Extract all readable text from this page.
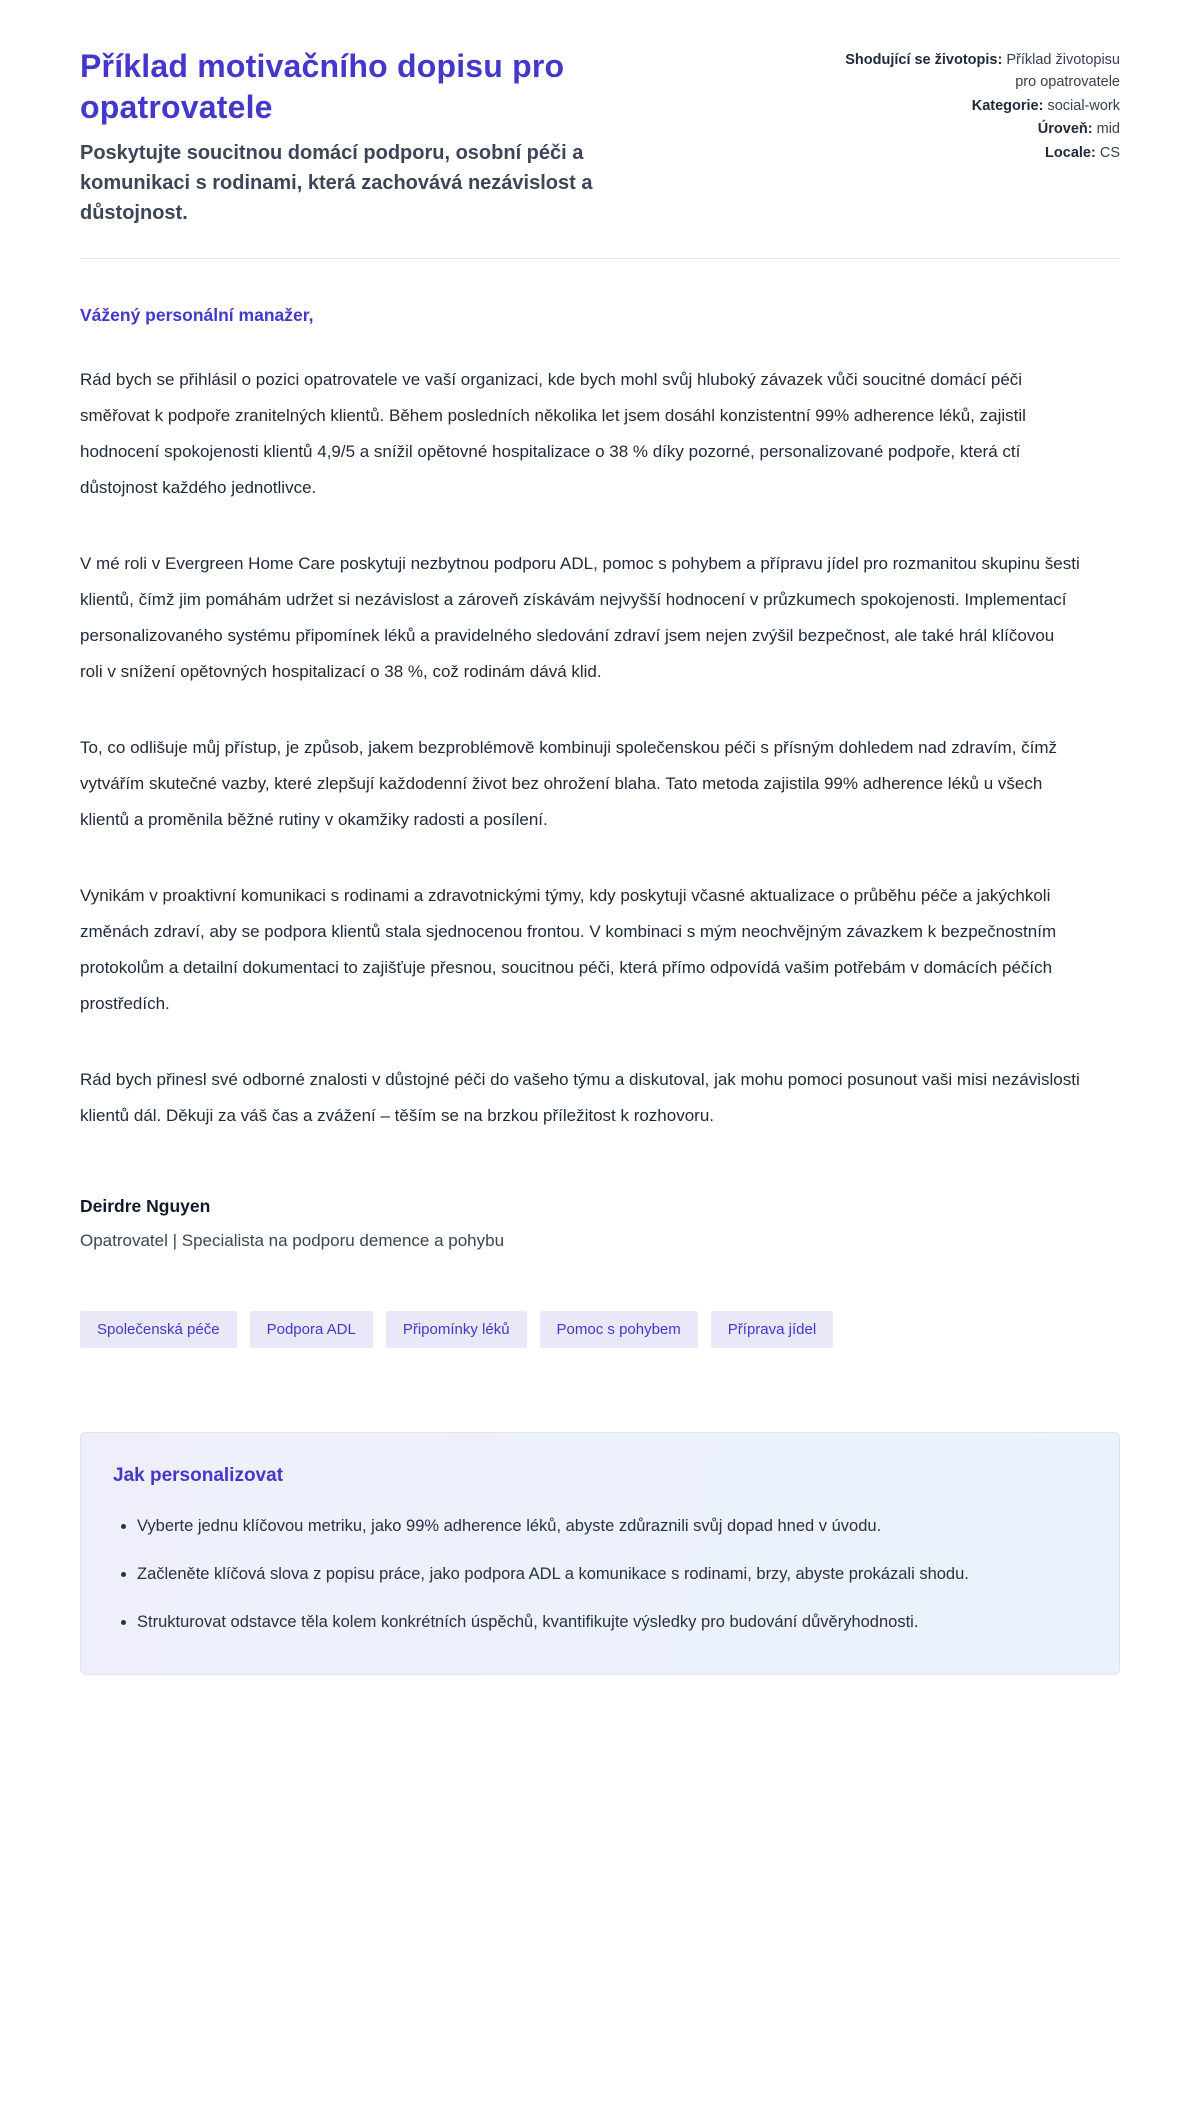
Příklad motivačního dopisu pro opatrovatele
Poskytujte soucitnou domácí podporu, osobní péči a komunikaci s rodinami, která zachovává nezávislost a důstojnost.
Shodující se životopis: Příklad životopisu pro opatrovatele
Kategorie: social-work
Úroveň: mid
Locale: CS
Vážený personální manažer,

Rád bych se přihlásil o pozici opatrovatele ve vaší organizaci, kde bych mohl svůj hluboký závazek vůči soucitné domácí péči směřovat k podpoře zranitelných klientů. Během posledních několika let jsem dosáhl konzistentní 99% adherence léků, zajistil hodnocení spokojenosti klientů 4,9/5 a snížil opětovné hospitalizace o 38 % díky pozorné, personalizované podpoře, která ctí důstojnost každého jednotlivce.

V mé roli v Evergreen Home Care poskytuji nezbytnou podporu ADL, pomoc s pohybem a přípravu jídel pro rozmanitou skupinu šesti klientů, čímž jim pomáhám udržet si nezávislost a zároveň získávám nejvyšší hodnocení v průzkumech spokojenosti. Implementací personalizovaného systému připomínek léků a pravidelného sledování zdraví jsem nejen zvýšil bezpečnost, ale také hrál klíčovou roli v snížení opětovných hospitalizací o 38 %, což rodinám dává klid.

To, co odlišuje můj přístup, je způsob, jakem bezproblémově kombinuji společenskou péči s přísným dohledem nad zdravím, čímž vytvářím skutečné vazby, které zlepšují každodenní život bez ohrožení blaha. Tato metoda zajistila 99% adherence léků u všech klientů a proměnila běžné rutiny v okamžiky radosti a posílení.

Vynikám v proaktivní komunikaci s rodinami a zdravotnickými týmy, kdy poskytuji včasné aktualizace o průběhu péče a jakýchkoli změnách zdraví, aby se podpora klientů stala sjednocenou frontou. V kombinaci s mým neochvějným závazkem k bezpečnostním protokolům a detailní dokumentaci to zajišťuje přesnou, soucitnou péči, která přímo odpovídá vašim potřebám v domácích péčích prostředích.

Rád bych přinesl své odborné znalosti v důstojné péči do vašeho týmu a diskutoval, jak mohu pomoci posunout vaši misi nezávislosti klientů dál. Děkuji za váš čas a zvážení – těším se na brzkou příležitost k rozhovoru.

Deirdre Nguyen
Opatrovatel | Specialista na podporu demence a pohybu
Společenská péče	Podpora ADL	Připomínky léků	Pomoc s pohybem	Příprava jídel
Jak personalizovat
• Vyberte jednu klíčovou metriku, jako 99% adherence léků, abyste zdůraznili svůj dopad hned v úvodu.
• Začleněte klíčová slova z popisu práce, jako podpora ADL a komunikace s rodinami, brzy, abyste prokázali shodu.
• Strukturovat odstavce těla kolem konkrétních úspěchů, kvantifikujte výsledky pro budování důvěryhodnosti.
